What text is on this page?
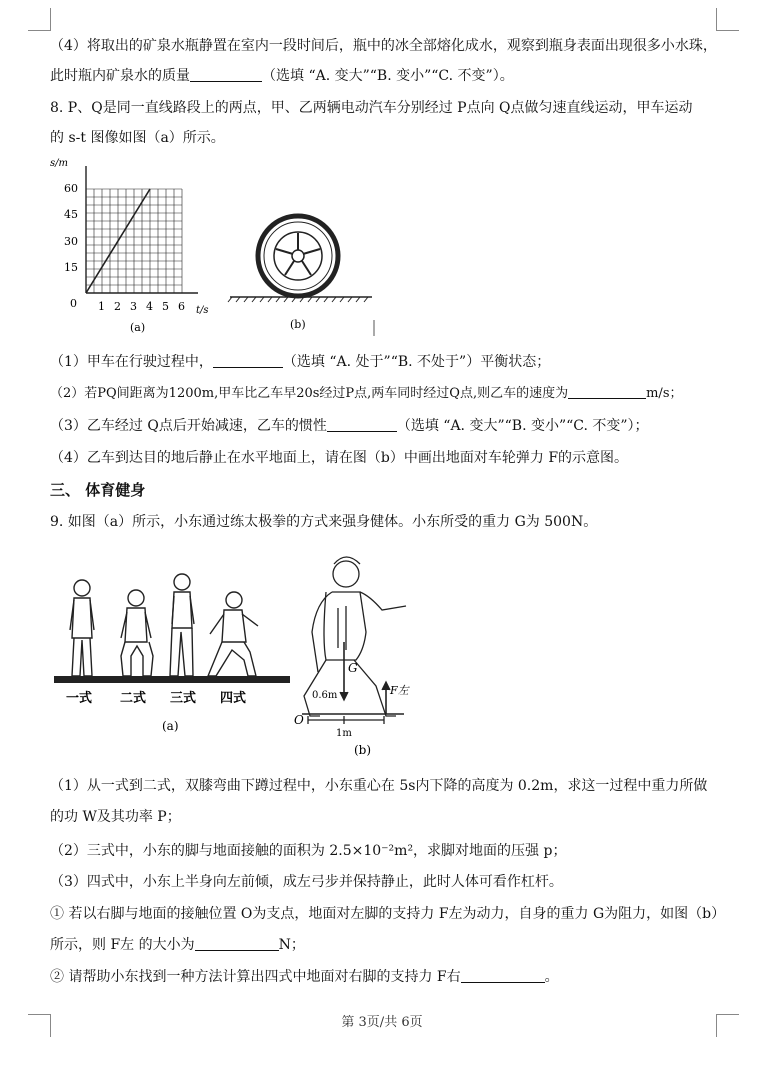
（4）将取出的矿泉水瓶静置在室内一段时间后，瓶中的冰全部熔化成水，观察到瓶身表面出现很多小水珠，
此时瓶内矿泉水的质量	（选填 “A. 变大”“B. 变小”“C. 不变”）。
8. P、Q是同一直线路段上的两点，甲、乙两辆电动汽车分别经过 P点向 Q点做匀速直线运动，甲车运动
的 s-t 图像如图（a）所示。
s/m
60
45
30
15
0 1 2 3 4 5 6 t/s
(a)	(b)
（1）甲车在行驶过程中，	（选填 “A. 处于”“B. 不处于”）平衡状态；
（2）若PQ间距离为1200m,甲车比乙车早20s经过P点,两车同时经过Q点,则乙车的速度为	m/s；
（3）乙车经过 Q点后开始减速，乙车的惯性	（选填 “A. 变大”“B. 变小”“C. 不变”）；
（4）乙车到达目的地后静止在水平地面上，请在图（b）中画出地面对车轮弹力 F的示意图。
三、 体育健身
9. 如图（a）所示，小东通过练太极拳的方式来强身健体。小东所受的重力 G为 500N。
一式 二式 三式 四式
(a)
G
F左
0.6m
O
1m
(b)
（1）从一式到二式，双膝弯曲下蹲过程中，小东重心在 5s内下降的高度为 0.2m，求这一过程中重力所做
的功 W及其功率 P；
（2）三式中，小东的脚与地面接触的面积为 2.5×10⁻²m²，求脚对地面的压强 p；
（3）四式中，小东上半身向左前倾，成左弓步并保持静止，此时人体可看作杠杆。
① 若以右脚与地面的接触位置 O为支点，地面对左脚的支持力 F左为动力，自身的重力 G为阻力，如图（b）
所示，则 F左 的大小为	N；
② 请帮助小东找到一种方法计算出四式中地面对右脚的支持力 F右	。
第 3页/共 6页
